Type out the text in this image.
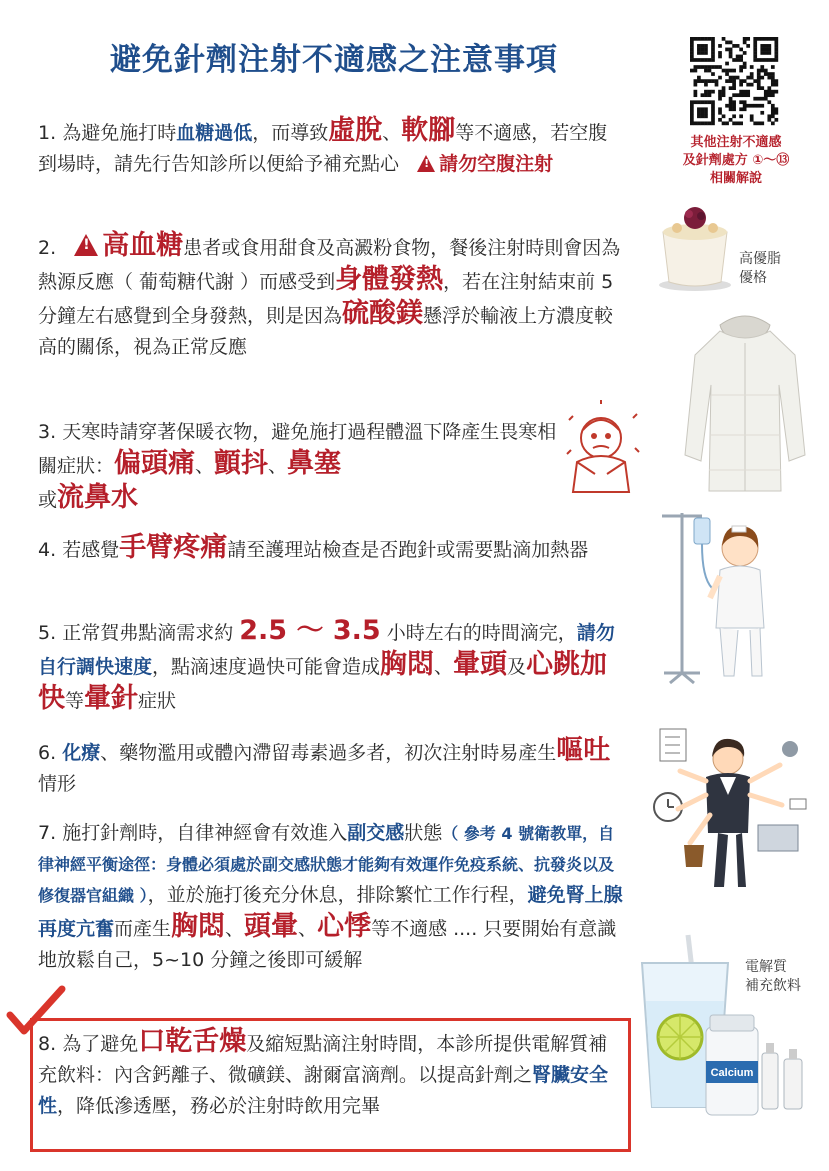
避免針劑注射不適感之注意事項
其他注射不適感
及針劑處方 ①～⑬
相關解說
1. 為避免施打時血糖過低，而導致虛脫、軟腳等不適感，若空腹到場時，請先行告知診所以便給予補充點心 ! 請勿空腹注射
2. ! 高血糖患者或食用甜食及高澱粉食物，餐後注射時則會因為熱源反應（ 葡萄糖代謝 ）而感受到身體發熱，若在注射結束前 5 分鐘左右感覺到全身發熱，則是因為硫酸鎂懸浮於輸液上方濃度較高的關係，視為正常反應
3. 天寒時請穿著保暖衣物，避免施打過程體溫下降產生畏寒相關症狀：偏頭痛、顫抖、鼻塞
或流鼻水
4. 若感覺手臂疼痛請至護理站檢查是否跑針或需要點滴加熱器
5. 正常賀弗點滴需求約 2.5 ～ 3.5 小時左右的時間滴完，請勿自行調快速度，點滴速度過快可能會造成胸悶、暈頭及心跳加快等暈針症狀
6. 化療、藥物濫用或體內滯留毒素過多者，初次注射時易產生嘔吐情形
7. 施打針劑時，自律神經會有效進入副交感狀態（ 參考 4 號衛教單，自律神經平衡途徑：身體必須處於副交感狀態才能夠有效運作免疫系統、抗發炎以及修復器官組織 ），並於施打後充分休息，排除繁忙工作行程，避免腎上腺再度亢奮而產生胸悶、頭暈、心悸等不適感 .... 只要開始有意識地放鬆自己，5~10 分鐘之後即可緩解
8. 為了避免口乾舌燥及縮短點滴注射時間，本診所提供電解質補充飲料：內含鈣離子、微礦鎂、謝爾富滴劑。以提高針劑之腎臟安全性，降低滲透壓，務必於注射時飲用完畢
高優脂
優格
Calcium
電解質
補充飲料
